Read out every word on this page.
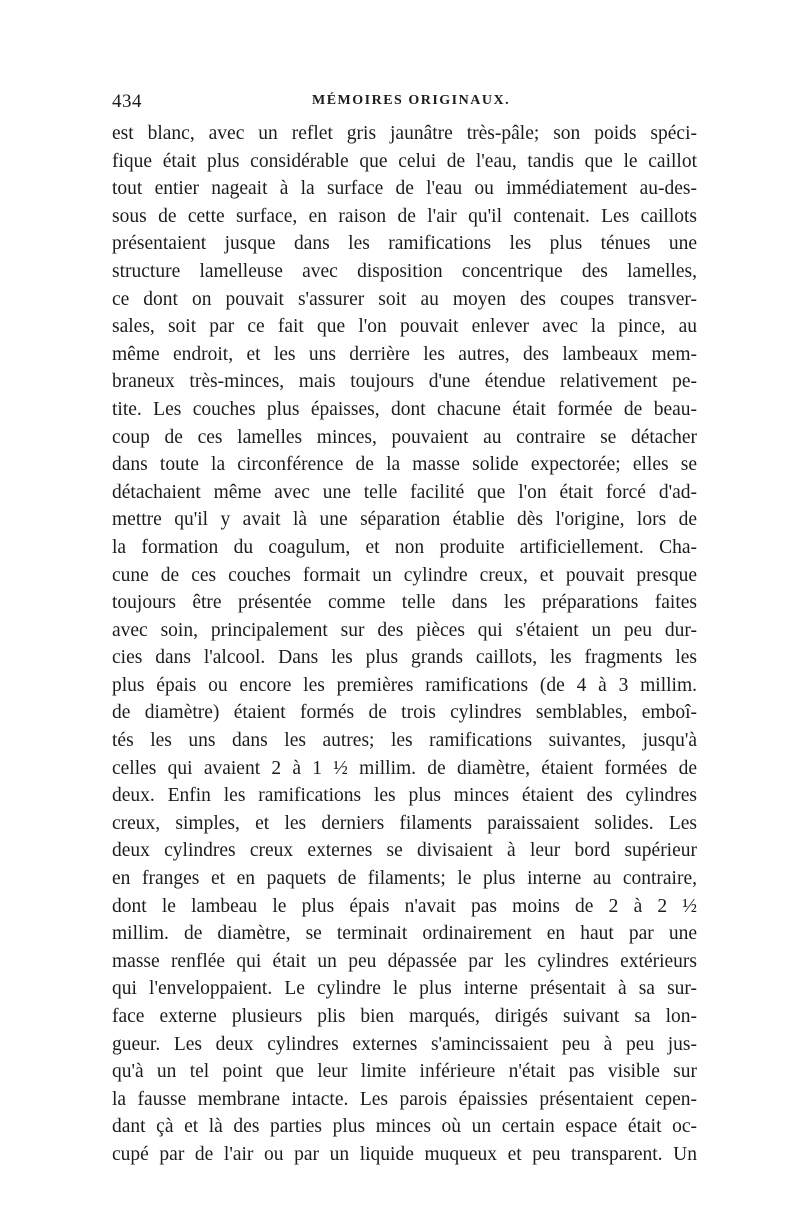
434	MÉMOIRES ORIGINAUX.
est blanc, avec un reflet gris jaunâtre très-pâle; son poids spéci-
fique était plus considérable que celui de l'eau, tandis que le caillot
tout entier nageait à la surface de l'eau ou immédiatement au-des-
sous de cette surface, en raison de l'air qu'il contenait. Les caillots
présentaient jusque dans les ramifications les plus ténues une
structure lamelleuse avec disposition concentrique des lamelles,
ce dont on pouvait s'assurer soit au moyen des coupes transver-
sales, soit par ce fait que l'on pouvait enlever avec la pince, au
même endroit, et les uns derrière les autres, des lambeaux mem-
braneux très-minces, mais toujours d'une étendue relativement pe-
tite. Les couches plus épaisses, dont chacune était formée de beau-
coup de ces lamelles minces, pouvaient au contraire se détacher
dans toute la circonférence de la masse solide expectorée; elles se
détachaient même avec une telle facilité que l'on était forcé d'ad-
mettre qu'il y avait là une séparation établie dès l'origine, lors de
la formation du coagulum, et non produite artificiellement. Cha-
cune de ces couches formait un cylindre creux, et pouvait presque
toujours être présentée comme telle dans les préparations faites
avec soin, principalement sur des pièces qui s'étaient un peu dur-
cies dans l'alcool. Dans les plus grands caillots, les fragments les
plus épais ou encore les premières ramifications (de 4 à 3 millim.
de diamètre) étaient formés de trois cylindres semblables, emboî-
tés les uns dans les autres; les ramifications suivantes, jusqu'à
celles qui avaient 2 à 1 ½ millim. de diamètre, étaient formées de
deux. Enfin les ramifications les plus minces étaient des cylindres
creux, simples, et les derniers filaments paraissaient solides. Les
deux cylindres creux externes se divisaient à leur bord supérieur
en franges et en paquets de filaments; le plus interne au contraire,
dont le lambeau le plus épais n'avait pas moins de 2 à 2 ½
millim. de diamètre, se terminait ordinairement en haut par une
masse renflée qui était un peu dépassée par les cylindres extérieurs
qui l'enveloppaient. Le cylindre le plus interne présentait à sa sur-
face externe plusieurs plis bien marqués, dirigés suivant sa lon-
gueur. Les deux cylindres externes s'amincissaient peu à peu jus-
qu'à un tel point que leur limite inférieure n'était pas visible sur
la fausse membrane intacte. Les parois épaissies présentaient cepen-
dant çà et là des parties plus minces où un certain espace était oc-
cupé par de l'air ou par un liquide muqueux et peu transparent. Un
